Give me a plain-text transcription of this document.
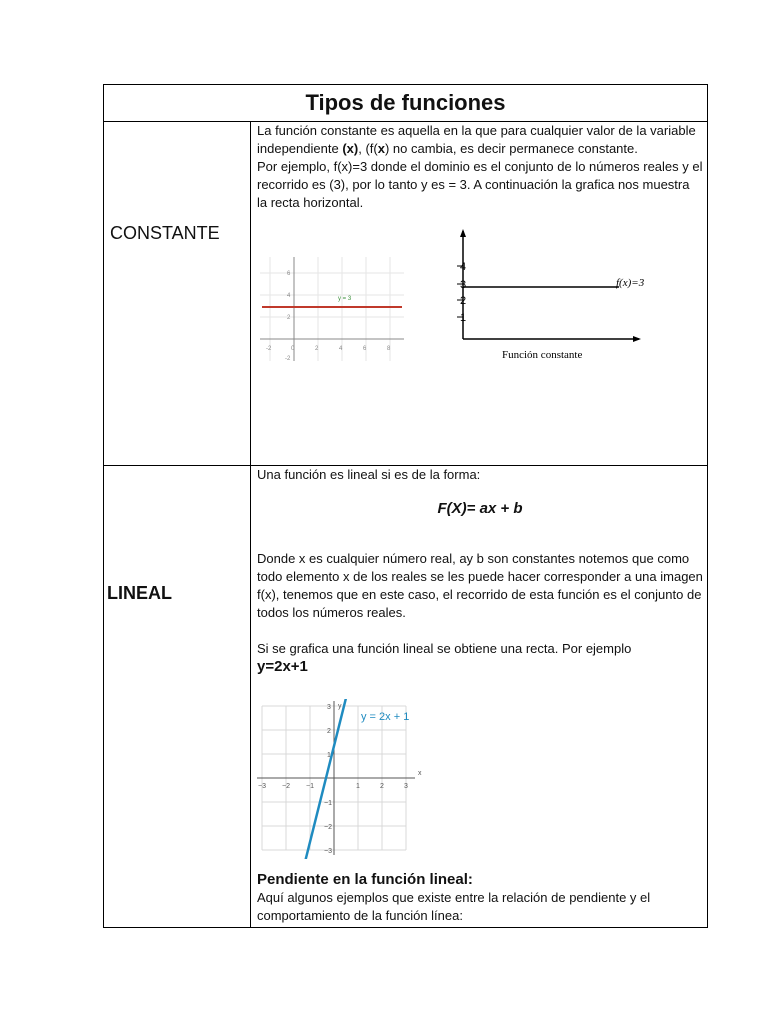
Tipos de funciones
CONSTANTE

La función constante es aquella en la que para cualquier valor de la variable independiente (x), (f(x) no cambia, es decir permanece constante.

Por ejemplo, f(x)=3 donde el dominio es el conjunto de lo números reales y el recorrido es (3), por lo tanto y es = 3. A continuación la grafica nos muestra la recta horizontal.

y = 3
-2	0	2	4	6	8
6
4
2
-2
4
3
2
1
f(x)=3
Función constante
LINEAL

Una función es lineal si es de la forma:

F(X)= ax + b

Donde x es cualquier número real, ay b son constantes notemos que como todo elemento x de los reales se les puede hacer corresponder a una imagen f(x), tenemos que en este caso, el recorrido de esta función es el conjunto de todos los números reales.

Si se grafica una función lineal se obtiene una recta. Por ejemplo

y=2x+1

x
y
−3 −2 −1	1	2	3
3
2
1
−1
−2
−3
y = 2x + 1

Pendiente en la función lineal:

Aquí algunos ejemplos que existe entre la relación de pendiente y el comportamiento de la función línea:
